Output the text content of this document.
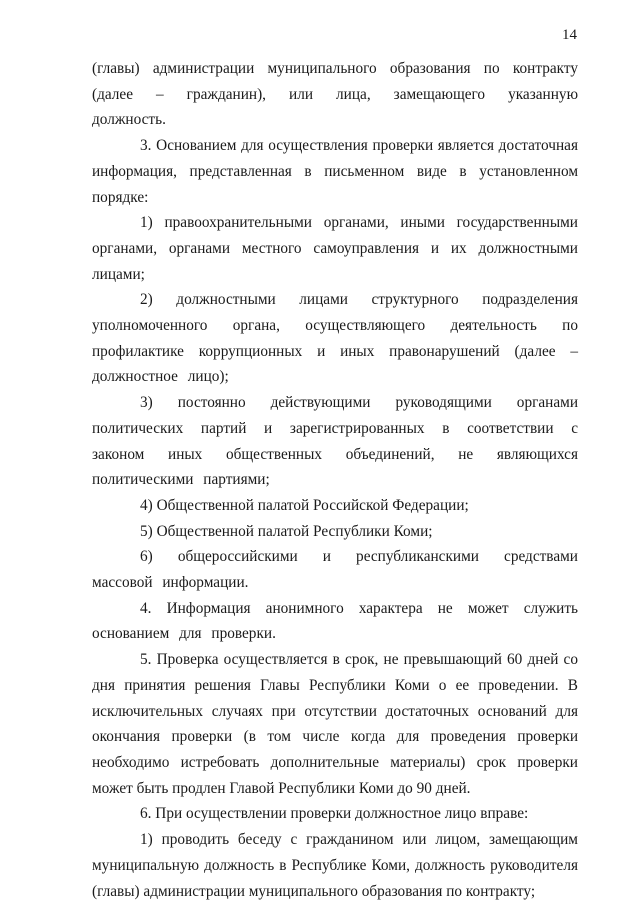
14

(главы) администрации муниципального образования по контракту (далее – гражданин), или лица, замещающего указанную должность.

3. Основанием для осуществления проверки является достаточная информация, представленная в письменном виде в установленном порядке:

1) правоохранительными органами, иными государственными органами, органами местного самоуправления и их должностными лицами;

2) должностными лицами структурного подразделения уполномоченного органа, осуществляющего деятельность по профилактике коррупционных и иных правонарушений (далее – должностное лицо);

3) постоянно действующими руководящими органами политических партий и зарегистрированных в соответствии с законом иных общественных объединений, не являющихся политическими партиями;

4) Общественной палатой Российской Федерации;

5) Общественной палатой Республики Коми;

6) общероссийскими и республиканскими средствами массовой информации.

4. Информация анонимного характера не может служить основанием для проверки.

5. Проверка осуществляется в срок, не превышающий 60 дней со дня принятия решения Главы Республики Коми о ее проведении. В исключительных случаях при отсутствии достаточных оснований для окончания проверки (в том числе когда для проведения проверки необходимо истребовать дополнительные материалы) срок проверки может быть продлен Главой Республики Коми до 90 дней.

6. При осуществлении проверки должностное лицо вправе:

1) проводить беседу с гражданином или лицом, замещающим муниципальную должность в Республике Коми, должность руководителя (главы) администрации муниципального образования по контракту;
